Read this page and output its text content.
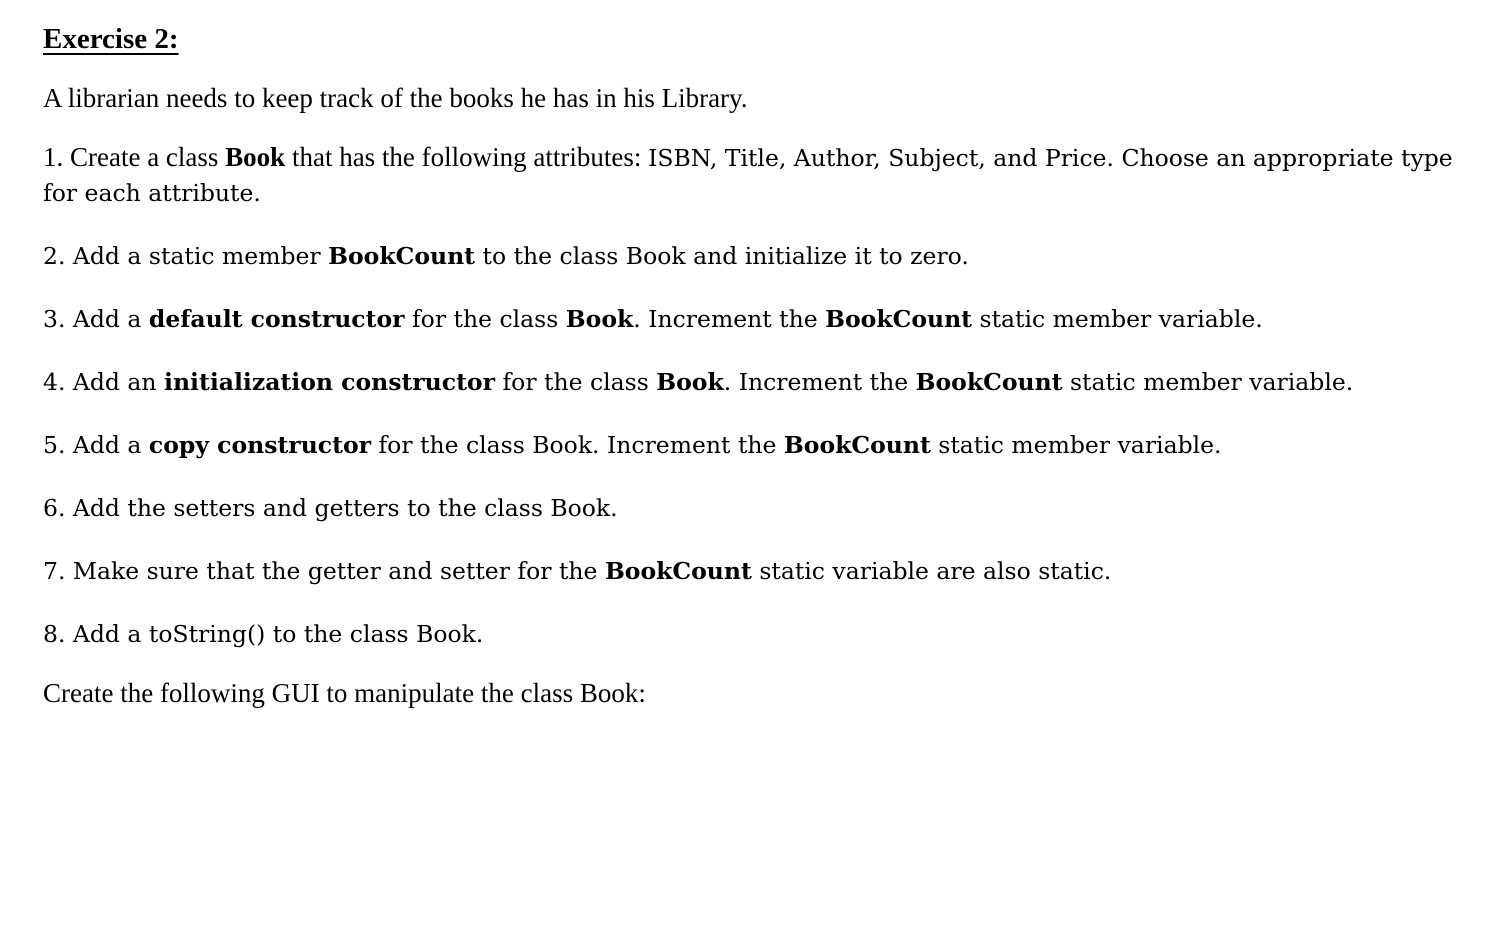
Exercise 2:

A librarian needs to keep track of the books he has in his Library.

1. Create a class Book that has the following attributes: ISBN, Title, Author, Subject, and Price. Choose an appropriate type for each attribute.

2. Add a static member BookCount to the class Book and initialize it to zero.

3. Add a default constructor for the class Book. Increment the BookCount static member variable.

4. Add an initialization constructor for the class Book. Increment the BookCount static member variable.

5. Add a copy constructor for the class Book. Increment the BookCount static member variable.

6. Add the setters and getters to the class Book.

7. Make sure that the getter and setter for the BookCount static variable are also static.

8. Add a toString() to the class Book.

Create the following GUI to manipulate the class Book:
